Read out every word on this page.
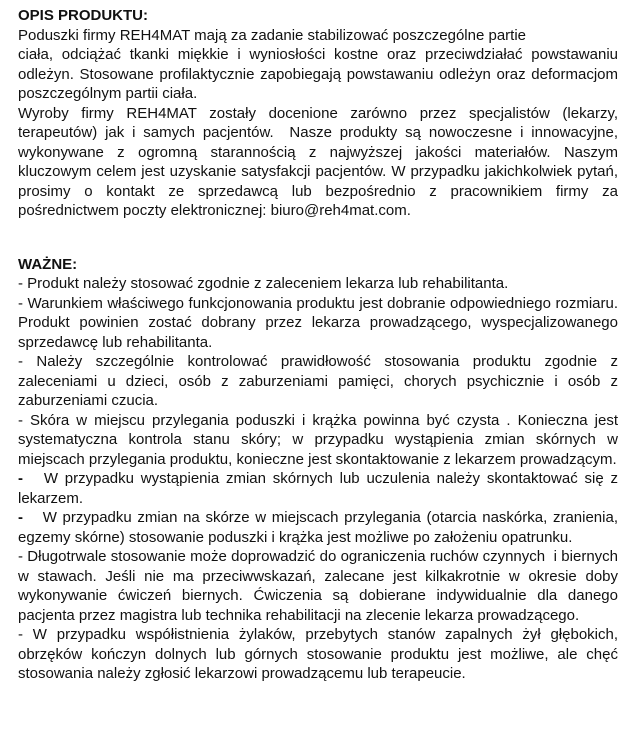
OPIS PRODUKTU:

Poduszki firmy REH4MAT mają za zadanie stabilizować poszczególne partie
ciała, odciążać tkanki miękkie i wyniosłości kostne oraz przeciwdziałać powstawaniu odleżyn. Stosowane profilaktycznie zapobiegają powstawaniu odleżyn oraz deformacjom poszczególnym partii ciała.

Wyroby firmy REH4MAT zostały docenione zarówno przez specjalistów (lekarzy, terapeutów) jak i samych pacjentów.  Nasze produkty są nowoczesne i innowacyjne, wykonywane z ogromną starannością z najwyższej jakości materiałów. Naszym kluczowym celem jest uzyskanie satysfakcji pacjentów. W przypadku jakichkolwiek pytań, prosimy o kontakt ze sprzedawcą lub bezpośrednio z pracownikiem firmy za pośrednictwem poczty elektronicznej: biuro@reh4mat.com.

WAŻNE:

- Produkt należy stosować zgodnie z zaleceniem lekarza lub rehabilitanta.

- Warunkiem właściwego funkcjonowania produktu jest dobranie odpowiedniego rozmiaru. Produkt powinien zostać dobrany przez lekarza prowadzącego, wyspecjalizowanego sprzedawcę lub rehabilitanta.

- Należy szczególnie kontrolować prawidłowość stosowania produktu zgodnie z zaleceniami u dzieci, osób z zaburzeniami pamięci, chorych psychicznie i osób z zaburzeniami czucia.

- Skóra w miejscu przylegania poduszki i krążka powinna być czysta . Konieczna jest systematyczna kontrola stanu skóry; w przypadku wystąpienia zmian skórnych w miejscach przylegania produktu, konieczne jest skontaktowanie z lekarzem prowadzącym.

- W przypadku wystąpienia zmian skórnych lub uczulenia należy skontaktować się z lekarzem.

- W przypadku zmian na skórze w miejscach przylegania (otarcia naskórka, zranienia, egzemy skórne) stosowanie poduszki i krążka jest możliwe po założeniu opatrunku.

- Długotrwale stosowanie może doprowadzić do ograniczenia ruchów czynnych  i biernych w stawach. Jeśli nie ma przeciwwskazań, zalecane jest kilkakrotnie w okresie doby wykonywanie ćwiczeń biernych. Ćwiczenia są dobierane indywidualnie dla danego pacjenta przez magistra lub technika rehabilitacji na zlecenie lekarza prowadzącego.

- W przypadku współistnienia żylaków, przebytych stanów zapalnych żył głębokich, obrzęków kończyn dolnych lub górnych stosowanie produktu jest możliwe, ale chęć stosowania należy zgłosić lekarzowi prowadzącemu lub terapeucie.
